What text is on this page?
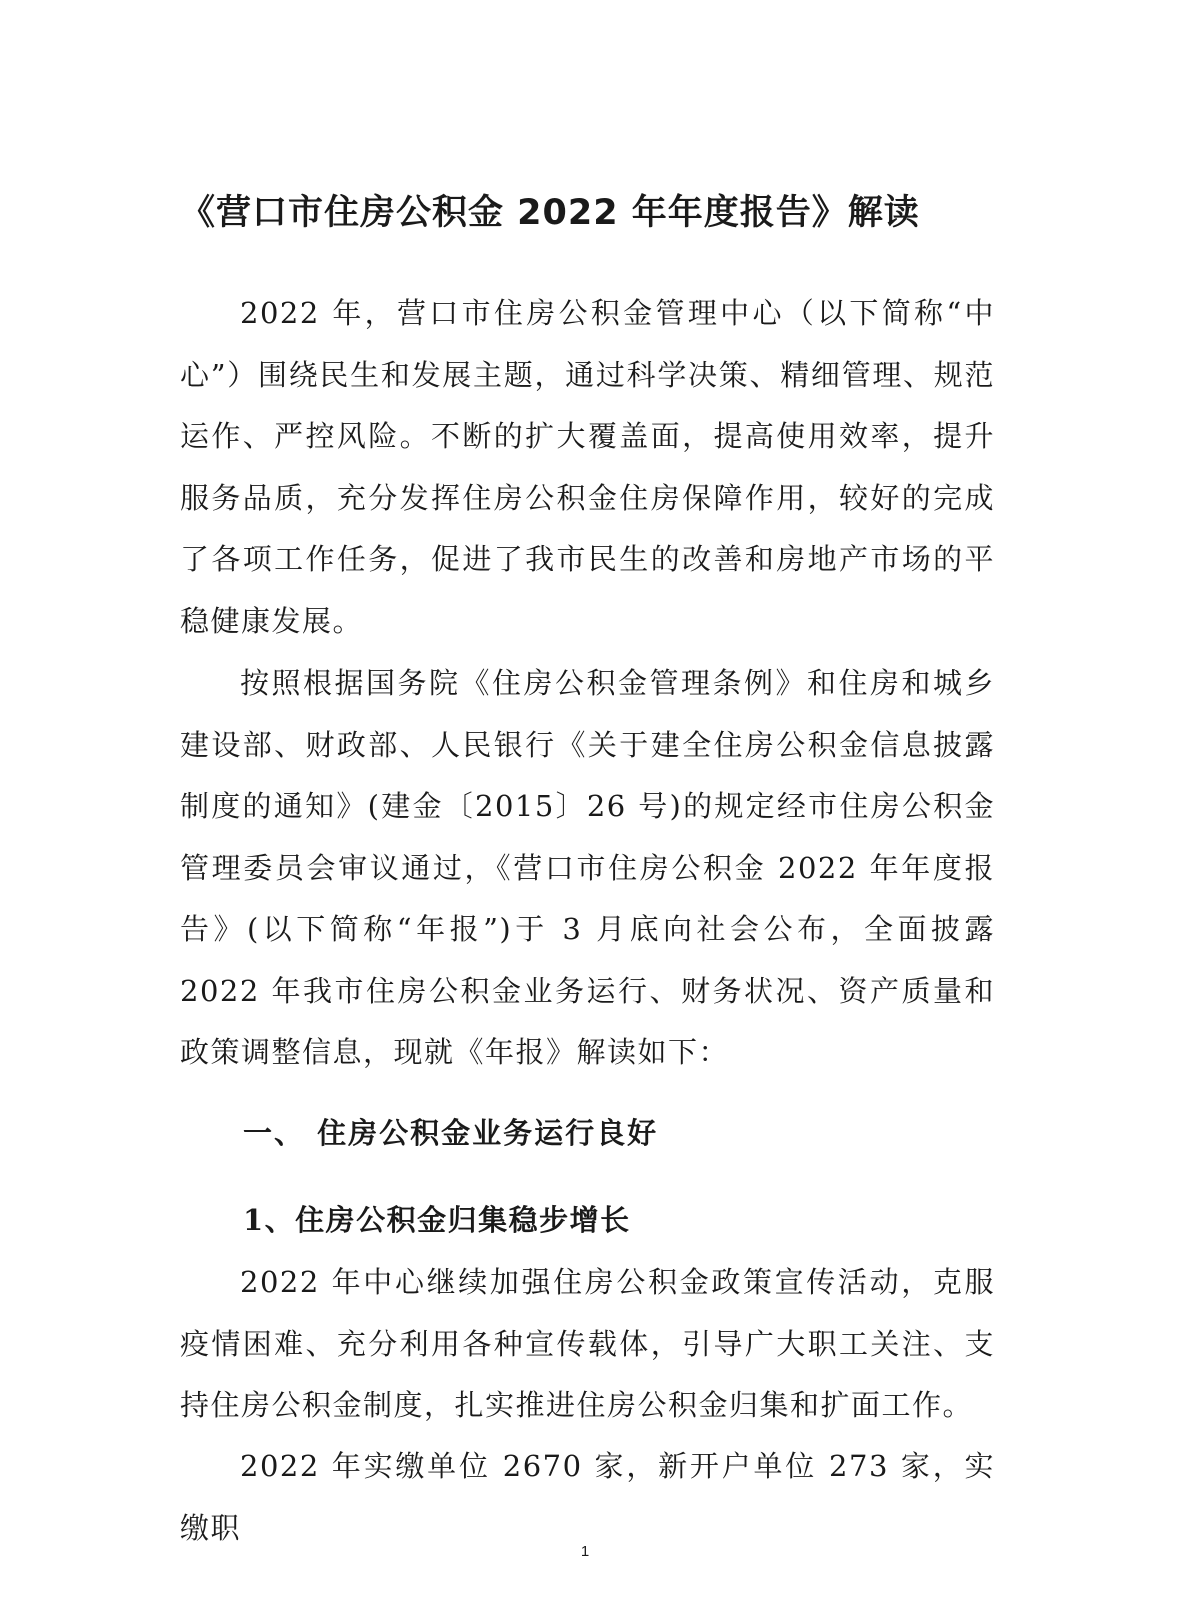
《营口市住房公积金 2022 年年度报告》解读

2022 年，营口市住房公积金管理中心（以下简称“中心”）围绕民生和发展主题，通过科学决策、精细管理、规范运作、严控风险。不断的扩大覆盖面，提高使用效率，提升服务品质，充分发挥住房公积金住房保障作用，较好的完成了各项工作任务，促进了我市民生的改善和房地产市场的平稳健康发展。

按照根据国务院《住房公积金管理条例》和住房和城乡建设部、财政部、人民银行《关于建全住房公积金信息披露制度的通知》(建金〔2015〕26 号)的规定经市住房公积金管理委员会审议通过，《营口市住房公积金 2022 年年度报告》(以下简称“年报”)于 3 月底向社会公布，全面披露 2022 年我市住房公积金业务运行、财务状况、资产质量和政策调整信息，现就《年报》解读如下：

一、 住房公积金业务运行良好
1、住房公积金归集稳步增长

2022 年中心继续加强住房公积金政策宣传活动，克服疫情困难、充分利用各种宣传载体，引导广大职工关注、支持住房公积金制度，扎实推进住房公积金归集和扩面工作。

2022 年实缴单位 2670 家，新开户单位 273 家，实缴职

1
